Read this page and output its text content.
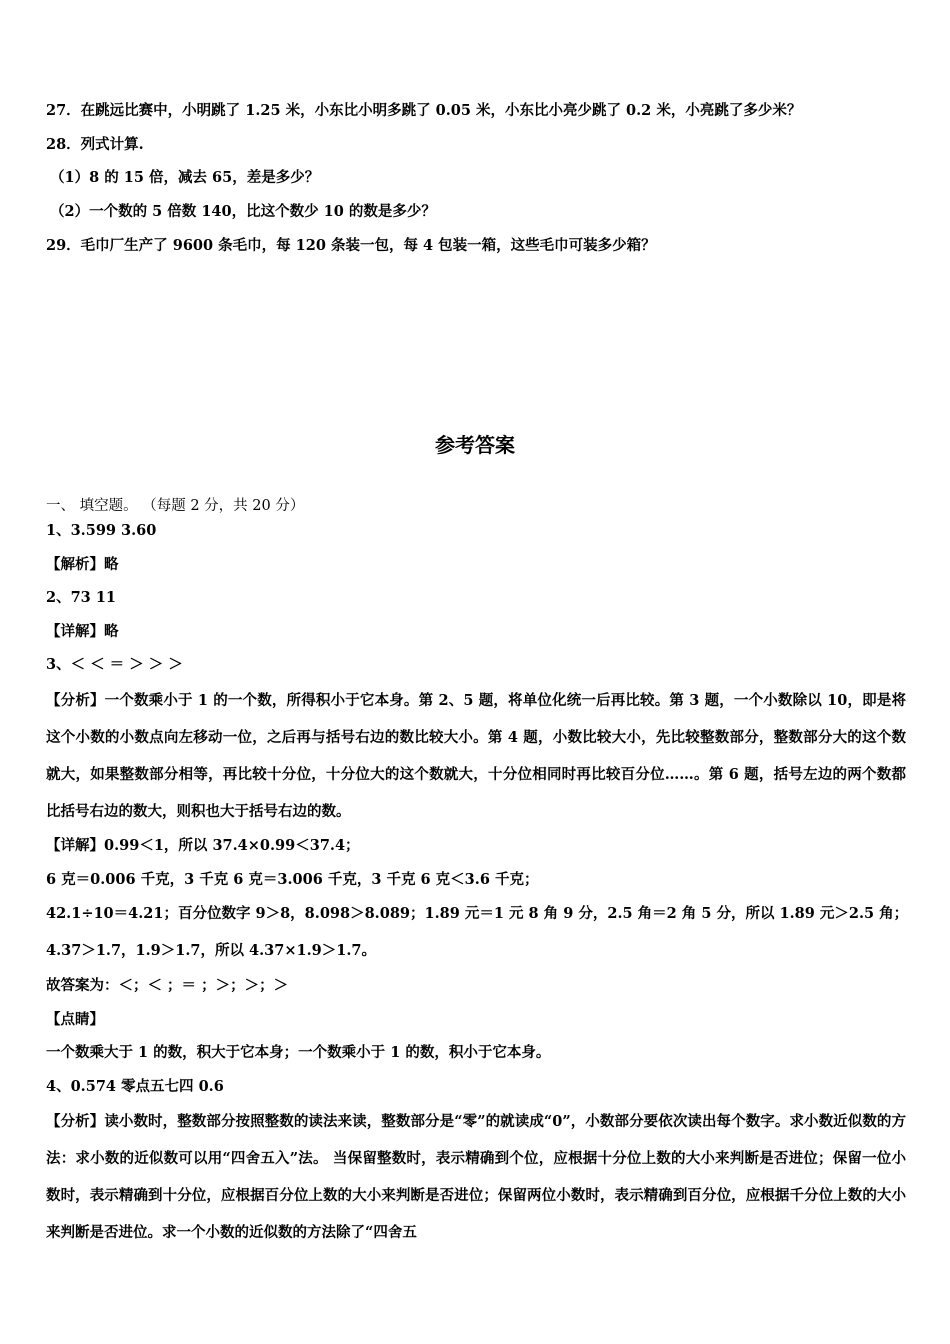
27．在跳远比赛中，小明跳了 1.25 米，小东比小明多跳了 0.05 米，小东比小亮少跳了 0.2 米，小亮跳了多少米？
28．列式计算.
（1）8 的 15 倍，减去 65，差是多少？
（2）一个数的 5 倍数 140，比这个数少 10 的数是多少？
29．毛巾厂生产了 9600 条毛巾，每 120 条装一包，每 4 包装一箱，这些毛巾可装多少箱？
参考答案
一、 填空题。 （每题 2 分，共 20 分）
1、3.599 3.60
【解析】略
2、73 11
【详解】略
3、＜ ＜ ＝ ＞ ＞ ＞
【分析】一个数乘小于 1 的一个数，所得积小于它本身。第 2、5 题，将单位化统一后再比较。第 3 题，一个小数除以 10，即是将这个小数的小数点向左移动一位，之后再与括号右边的数比较大小。第 4 题，小数比较大小，先比较整数部分，整数部分大的这个数就大，如果整数部分相等，再比较十分位，十分位大的这个数就大，十分位相同时再比较百分位……。第 6 题，括号左边的两个数都比括号右边的数大，则积也大于括号右边的数。
【详解】0.99＜1，所以 37.4×0.99＜37.4；
6 克＝0.006 千克，3 千克 6 克＝3.006 千克，3 千克 6 克＜3.6 千克；
42.1÷10＝4.21；百分位数字 9＞8，8.098＞8.089；1.89 元＝1 元 8 角 9 分，2.5 角＝2 角 5 分，所以 1.89 元＞2.5 角；
4.37＞1.7，1.9＞1.7，所以 4.37×1.9＞1.7。
故答案为：＜；＜ ；＝ ；＞；＞；＞
【点睛】
一个数乘大于 1 的数，积大于它本身；一个数乘小于 1 的数，积小于它本身。
4、0.574 零点五七四 0.6
【分析】读小数时，整数部分按照整数的读法来读，整数部分是“零”的就读成“0”，小数部分要依次读出每个数字。求小数近似数的方法：求小数的近似数可以用“四舍五入”法。 当保留整数时，表示精确到个位，应根据十分位上数的大小来判断是否进位；保留一位小数时，表示精确到十分位，应根据百分位上数的大小来判断是否进位；保留两位小数时，表示精确到百分位，应根据千分位上数的大小来判断是否进位。求一个小数的近似数的方法除了“四舍五
